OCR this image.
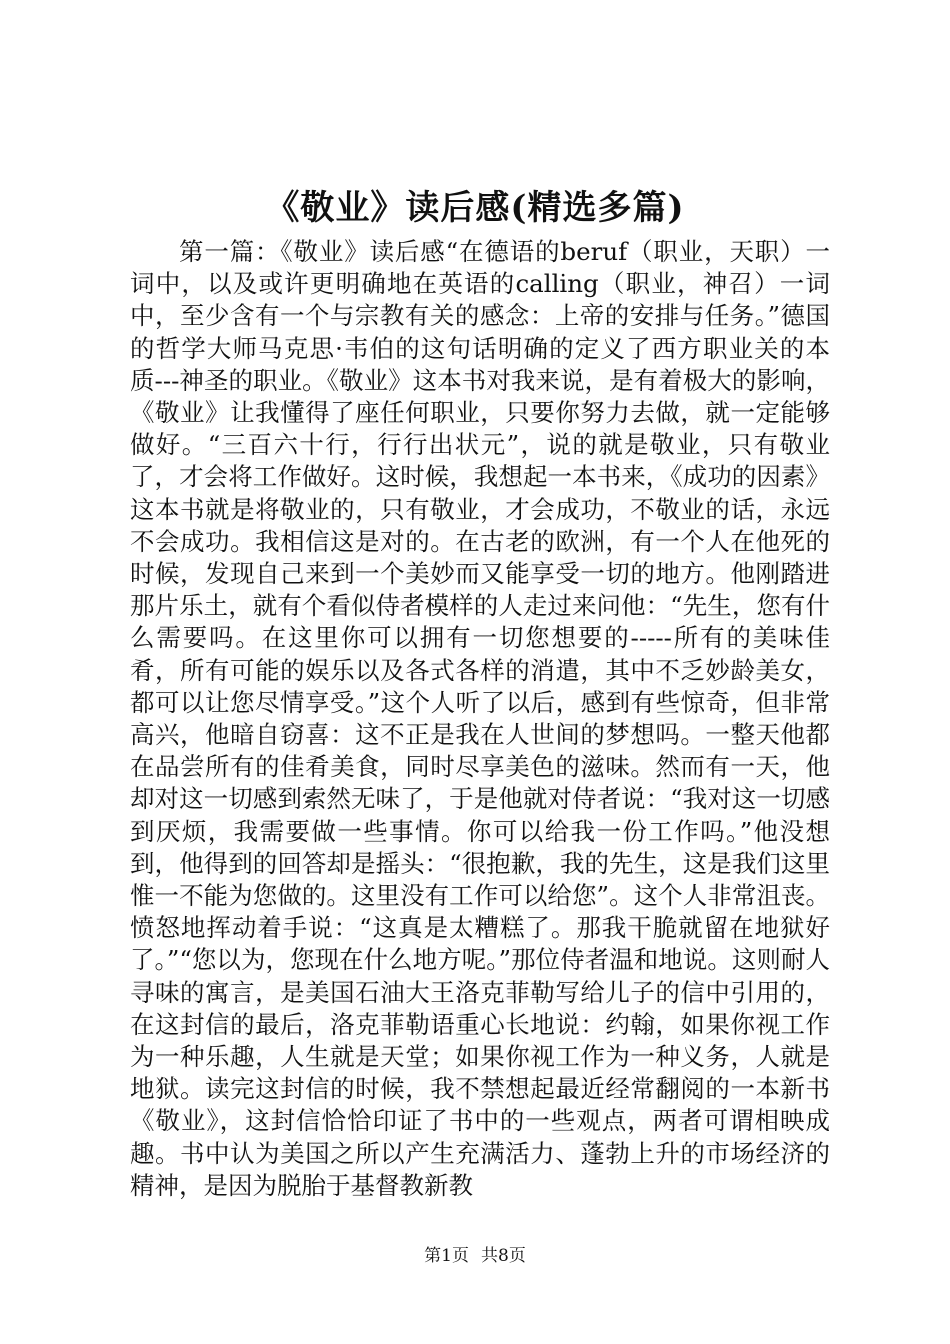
《敬业》读后感(精选多篇)

第一篇：《敬业》读后感“在德语的beruf（职业，天职）一词中，以及或许更明确地在英语的calling（职业，神召）一词中，至少含有一个与宗教有关的感念：上帝的安排与任务。”德国的哲学大师马克思·韦伯的这句话明确的定义了西方职业关的本质---神圣的职业。《敬业》这本书对我来说，是有着极大的影响，《敬业》让我懂得了座任何职业，只要你努力去做，就一定能够做好。“三百六十行，行行出状元”，说的就是敬业，只有敬业了，才会将工作做好。这时候，我想起一本书来，《成功的因素》这本书就是将敬业的，只有敬业，才会成功，不敬业的话，永远不会成功。我相信这是对的。在古老的欧洲，有一个人在他死的时候，发现自己来到一个美妙而又能享受一切的地方。他刚踏进那片乐土，就有个看似侍者模样的人走过来问他：“先生，您有什么需要吗。在这里你可以拥有一切您想要的-----所有的美味佳肴，所有可能的娱乐以及各式各样的消遣，其中不乏妙龄美女，都可以让您尽情享受。”这个人听了以后，感到有些惊奇，但非常高兴，他暗自窃喜：这不正是我在人世间的梦想吗。一整天他都在品尝所有的佳肴美食，同时尽享美色的滋味。然而有一天，他却对这一切感到索然无味了，于是他就对侍者说：“我对这一切感到厌烦，我需要做一些事情。你可以给我一份工作吗。”他没想到，他得到的回答却是摇头：“很抱歉，我的先生，这是我们这里惟一不能为您做的。这里没有工作可以给您”。这个人非常沮丧。愤怒地挥动着手说：“这真是太糟糕了。那我干脆就留在地狱好了。”“您以为，您现在什么地方呢。”那位侍者温和地说。这则耐人寻味的寓言，是美国石油大王洛克菲勒写给儿子的信中引用的，在这封信的最后，洛克菲勒语重心长地说：约翰，如果你视工作为一种乐趣，人生就是天堂；如果你视工作为一种义务，人就是地狱。读完这封信的时候，我不禁想起最近经常翻阅的一本新书《敬业》，这封信恰恰印证了书中的一些观点，两者可谓相映成趣。书中认为美国之所以产生充满活力、蓬勃上升的市场经济的精神，是因为脱胎于基督教新教

第1页 共8页
